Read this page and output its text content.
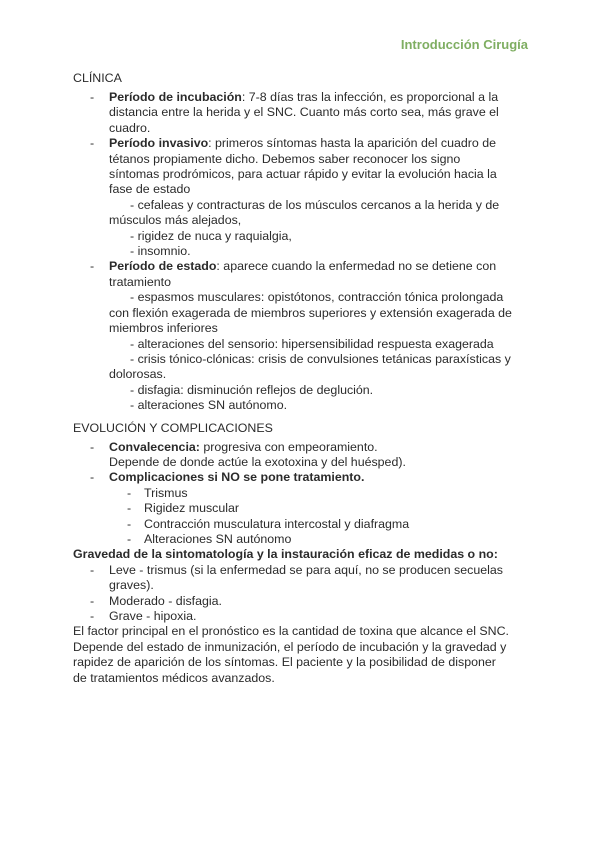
Introducción Cirugía

CLÍNICA

- Período de incubación: 7-8 días tras la infección, es proporcional a la distancia entre la herida y el SNC. Cuanto más corto sea, más grave el cuadro.
- Período invasivo: primeros síntomas hasta la aparición del cuadro de tétanos propiamente dicho. Debemos saber reconocer los signo síntomas prodrómicos, para actuar rápido y evitar la evolución hacia la fase de estado
- cefaleas y contracturas de los músculos cercanos a la herida y de músculos más alejados,
- rigidez de nuca y raquialgia,
- insomnio.
- Período de estado: aparece cuando la enfermedad no se detiene con tratamiento
- espasmos musculares: opistótonos, contracción tónica prolongada con flexión exagerada de miembros superiores y extensión exagerada de miembros inferiores
- alteraciones del sensorio: hipersensibilidad respuesta exagerada
- crisis tónico-clónicas: crisis de convulsiones tetánicas paraxísticas y dolorosas.
- disfagia: disminución reflejos de deglución.
- alteraciones SN autónomo.

EVOLUCIÓN Y COMPLICACIONES

- Convalecencia: progresiva con empeoramiento.
Depende de donde actúe la exotoxina y del huésped).
- Complicaciones si NO se pone tratamiento.
- Trismus
- Rigidez muscular
- Contracción musculatura intercostal y diafragma
- Alteraciones SN autónomo

Gravedad de la sintomatología y la instauración eficaz de medidas o no:

- Leve - trismus (si la enfermedad se para aquí, no se producen secuelas graves).
- Moderado - disfagia.
- Grave - hipoxia.

El factor principal en el pronóstico es la cantidad de toxina que alcance el SNC. Depende del estado de inmunización, el período de incubación y la gravedad y rapidez de aparición de los síntomas. El paciente y la posibilidad de disponer de tratamientos médicos avanzados.
